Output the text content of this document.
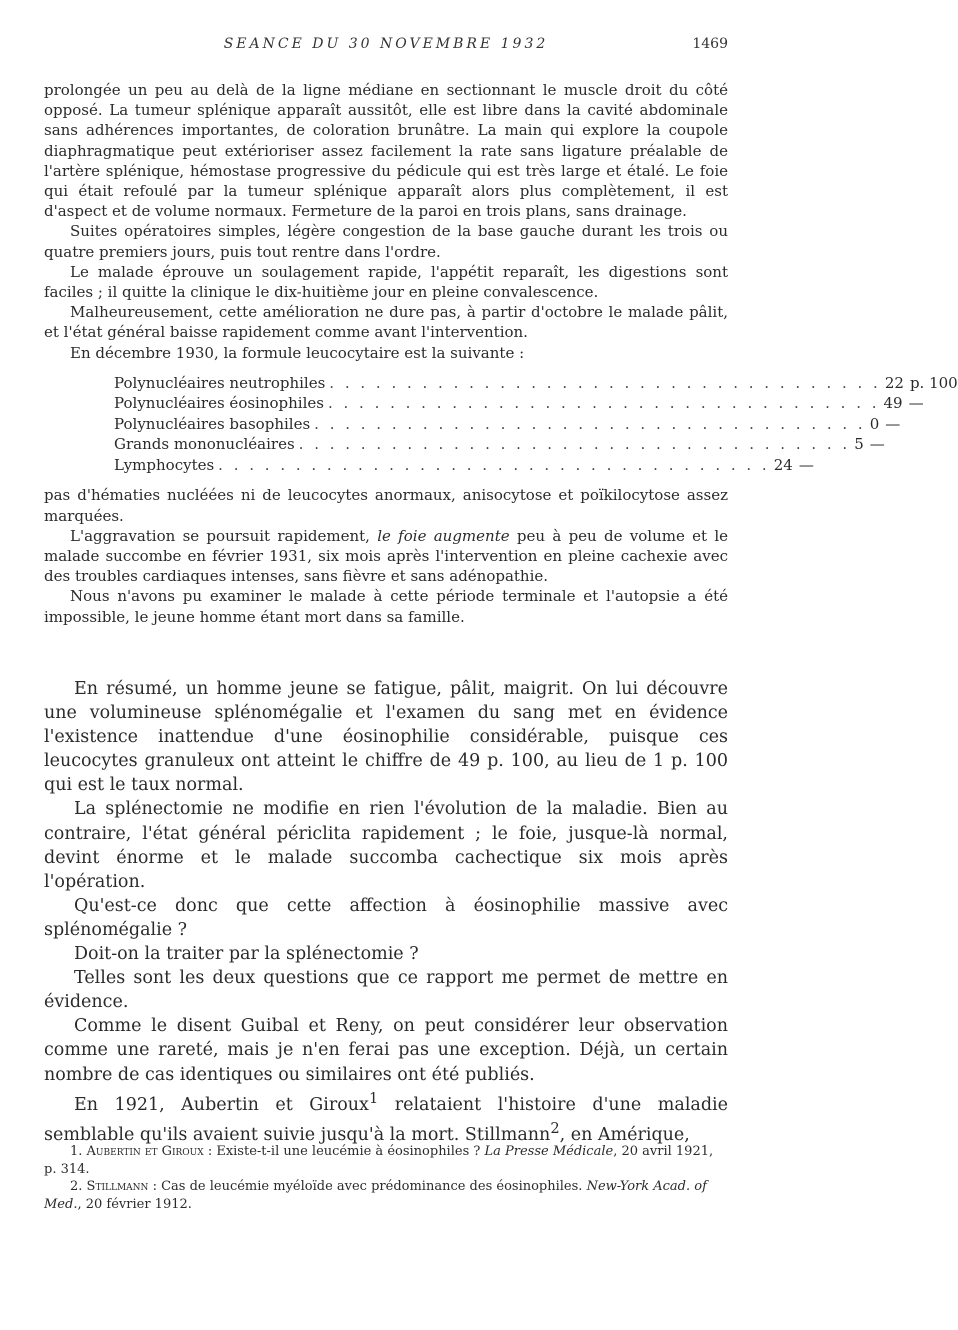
SEANCE DU 30 NOVEMBRE 1932	1469

prolongée un peu au delà de la ligne médiane en sectionnant le muscle droit du côté opposé. La tumeur splénique apparaît aussitôt, elle est libre dans la cavité abdominale sans adhérences importantes, de coloration brunâtre. La main qui explore la coupole diaphragmatique peut extérioriser assez facilement la rate sans ligature préalable de l'artère splénique, hémostase progressive du pédicule qui est très large et étalé. Le foie qui était refoulé par la tumeur splénique apparaît alors plus complètement, il est d'aspect et de volume normaux. Fermeture de la paroi en trois plans, sans drainage.

Suites opératoires simples, légère congestion de la base gauche durant les trois ou quatre premiers jours, puis tout rentre dans l'ordre.

Le malade éprouve un soulagement rapide, l'appétit reparaît, les digestions sont faciles ; il quitte la clinique le dix-huitième jour en pleine convalescence.

Malheureusement, cette amélioration ne dure pas, à partir d'octobre le malade pâlit, et l'état général baisse rapidement comme avant l'intervention.

En décembre 1930, la formule leucocytaire est la suivante :

Polynucléaires neutrophiles . . . . . . . . . . . . . . . . . . . . . . . . . . . . . . . . . . . . 22 p. 100
Polynucléaires éosinophiles . . . . . . . . . . . . . . . . . . . . . . . . . . . . . . . . . . . . 49 —
Polynucléaires basophiles . . . . . . . . . . . . . . . . . . . . . . . . . . . . . . . . . . . . 0 —
Grands mononucléaires . . . . . . . . . . . . . . . . . . . . . . . . . . . . . . . . . . . . 5 —
Lymphocytes . . . . . . . . . . . . . . . . . . . . . . . . . . . . . . . . . . . . 24 —

pas d'hématies nucléées ni de leucocytes anormaux, anisocytose et poïkilocytose assez marquées.

L'aggravation se poursuit rapidement, le foie augmente peu à peu de volume et le malade succombe en février 1931, six mois après l'intervention en pleine cachexie avec des troubles cardiaques intenses, sans fièvre et sans adénopathie.

Nous n'avons pu examiner le malade à cette période terminale et l'autopsie a été impossible, le jeune homme étant mort dans sa famille.

En résumé, un homme jeune se fatigue, pâlit, maigrit. On lui découvre une volumineuse splénomégalie et l'examen du sang met en évidence l'existence inattendue d'une éosinophilie considérable, puisque ces leucocytes granuleux ont atteint le chiffre de 49 p. 100, au lieu de 1 p. 100 qui est le taux normal.

La splénectomie ne modifie en rien l'évolution de la maladie. Bien au contraire, l'état général périclita rapidement ; le foie, jusque-là normal, devint énorme et le malade succomba cachectique six mois après l'opération.

Qu'est-ce donc que cette affection à éosinophilie massive avec splénomégalie ?

Doit-on la traiter par la splénectomie ?

Telles sont les deux questions que ce rapport me permet de mettre en évidence.

Comme le disent Guibal et Reny, on peut considérer leur observation comme une rareté, mais je n'en ferai pas une exception. Déjà, un certain nombre de cas identiques ou similaires ont été publiés.

En 1921, Aubertin et Giroux$^1$ relataient l'histoire d'une maladie semblable qu'ils avaient suivie jusqu'à la mort. Stillmann$^2$, en Amérique,

1. Aubertin et Giroux : Existe-t-il une leucémie à éosinophiles ? La Presse Médicale, 20 avril 1921, p. 314.

2. Stillmann : Cas de leucémie myéloïde avec prédominance des éosinophiles. New-York Acad. of Med., 20 février 1912.
